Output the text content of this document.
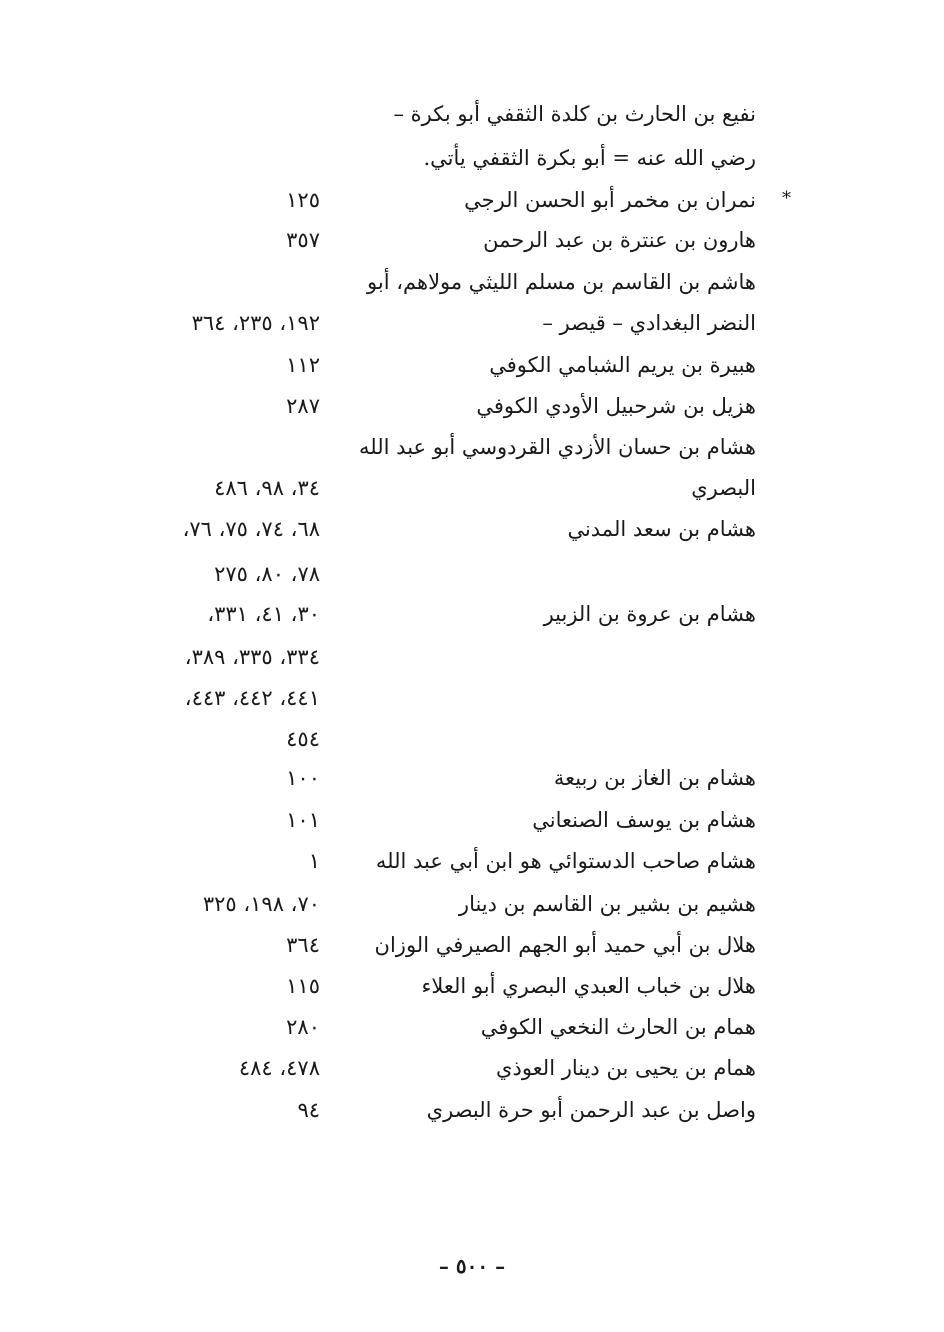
*
نفيع بن الحارث بن كلدة الثقفي أبو بكرة –
رضي الله عنه = أبو بكرة الثقفي يأتي.
نمران بن مخمر أبو الحسن الرجي
١٢٥
هارون بن عنترة بن عبد الرحمن
٣٥٧
هاشم بن القاسم بن مسلم الليثي مولاهم، أبو
النضر البغدادي – قيصر –
١٩٢، ٢٣٥، ٣٦٤
هبيرة بن يريم الشبامي الكوفي
١١٢
هزيل بن شرحبيل الأودي الكوفي
٢٨٧
هشام بن حسان الأزدي القردوسي أبو عبد الله
البصري
٣٤، ٩٨، ٤٨٦
هشام بن سعد المدني
٦٨، ٧٤، ٧٥، ٧٦،
٧٨، ٨٠، ٢٧٥
هشام بن عروة بن الزبير
٣٠، ٤١، ٣٣١،
٣٣٤، ٣٣٥، ٣٨٩،
٤٤١، ٤٤٢، ٤٤٣،
٤٥٤
هشام بن الغاز بن ربيعة
١٠٠
هشام بن يوسف الصنعاني
١٠١
هشام صاحب الدستوائي هو ابن أبي عبد الله
١
هشيم بن بشير بن القاسم بن دينار
٧٠، ١٩٨، ٣٢٥
هلال بن أبي حميد أبو الجهم الصيرفي الوزان
٣٦٤
هلال بن خباب العبدي البصري أبو العلاء
١١٥
همام بن الحارث النخعي الكوفي
٢٨٠
همام بن يحيى بن دينار العوذي
٤٧٨، ٤٨٤
واصل بن عبد الرحمن أبو حرة البصري
٩٤
– ٥٠٠ –
